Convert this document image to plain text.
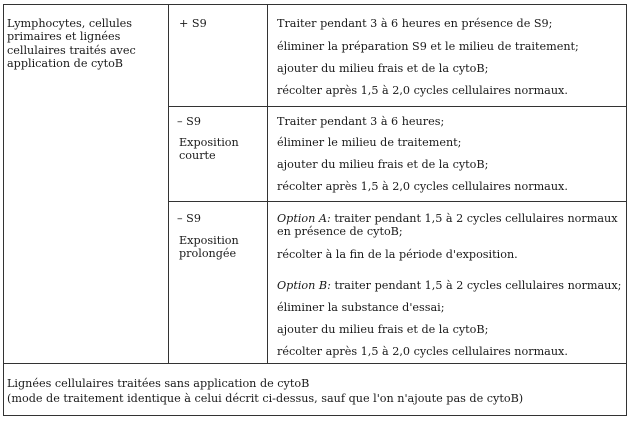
Lymphocytes, cellules primaires et lignées cellulaires traités avec application de cytoB
+ S9	Traiter pendant 3 à 6 heures en présence de S9;
éliminer la préparation S9 et le milieu de traitement;
ajouter du milieu frais et de la cytoB;
récolter après 1,5 à 2,0 cycles cellulaires normaux.
– S9
Exposition courte
Traiter pendant 3 à 6 heures;
éliminer le milieu de traitement;
ajouter du milieu frais et de la cytoB;
récolter après 1,5 à 2,0 cycles cellulaires normaux.
– S9
Exposition prolongée
Option A: traiter pendant 1,5 à 2 cycles cellulaires normaux en présence de cytoB;
récolter à la fin de la période d'exposition.
Option B: traiter pendant 1,5 à 2 cycles cellulaires normaux;
éliminer la substance d'essai;
ajouter du milieu frais et de la cytoB;
récolter après 1,5 à 2,0 cycles cellulaires normaux.
Lignées cellulaires traitées sans application de cytoB
(mode de traitement identique à celui décrit ci-dessus, sauf que l'on n'ajoute pas de cytoB)
